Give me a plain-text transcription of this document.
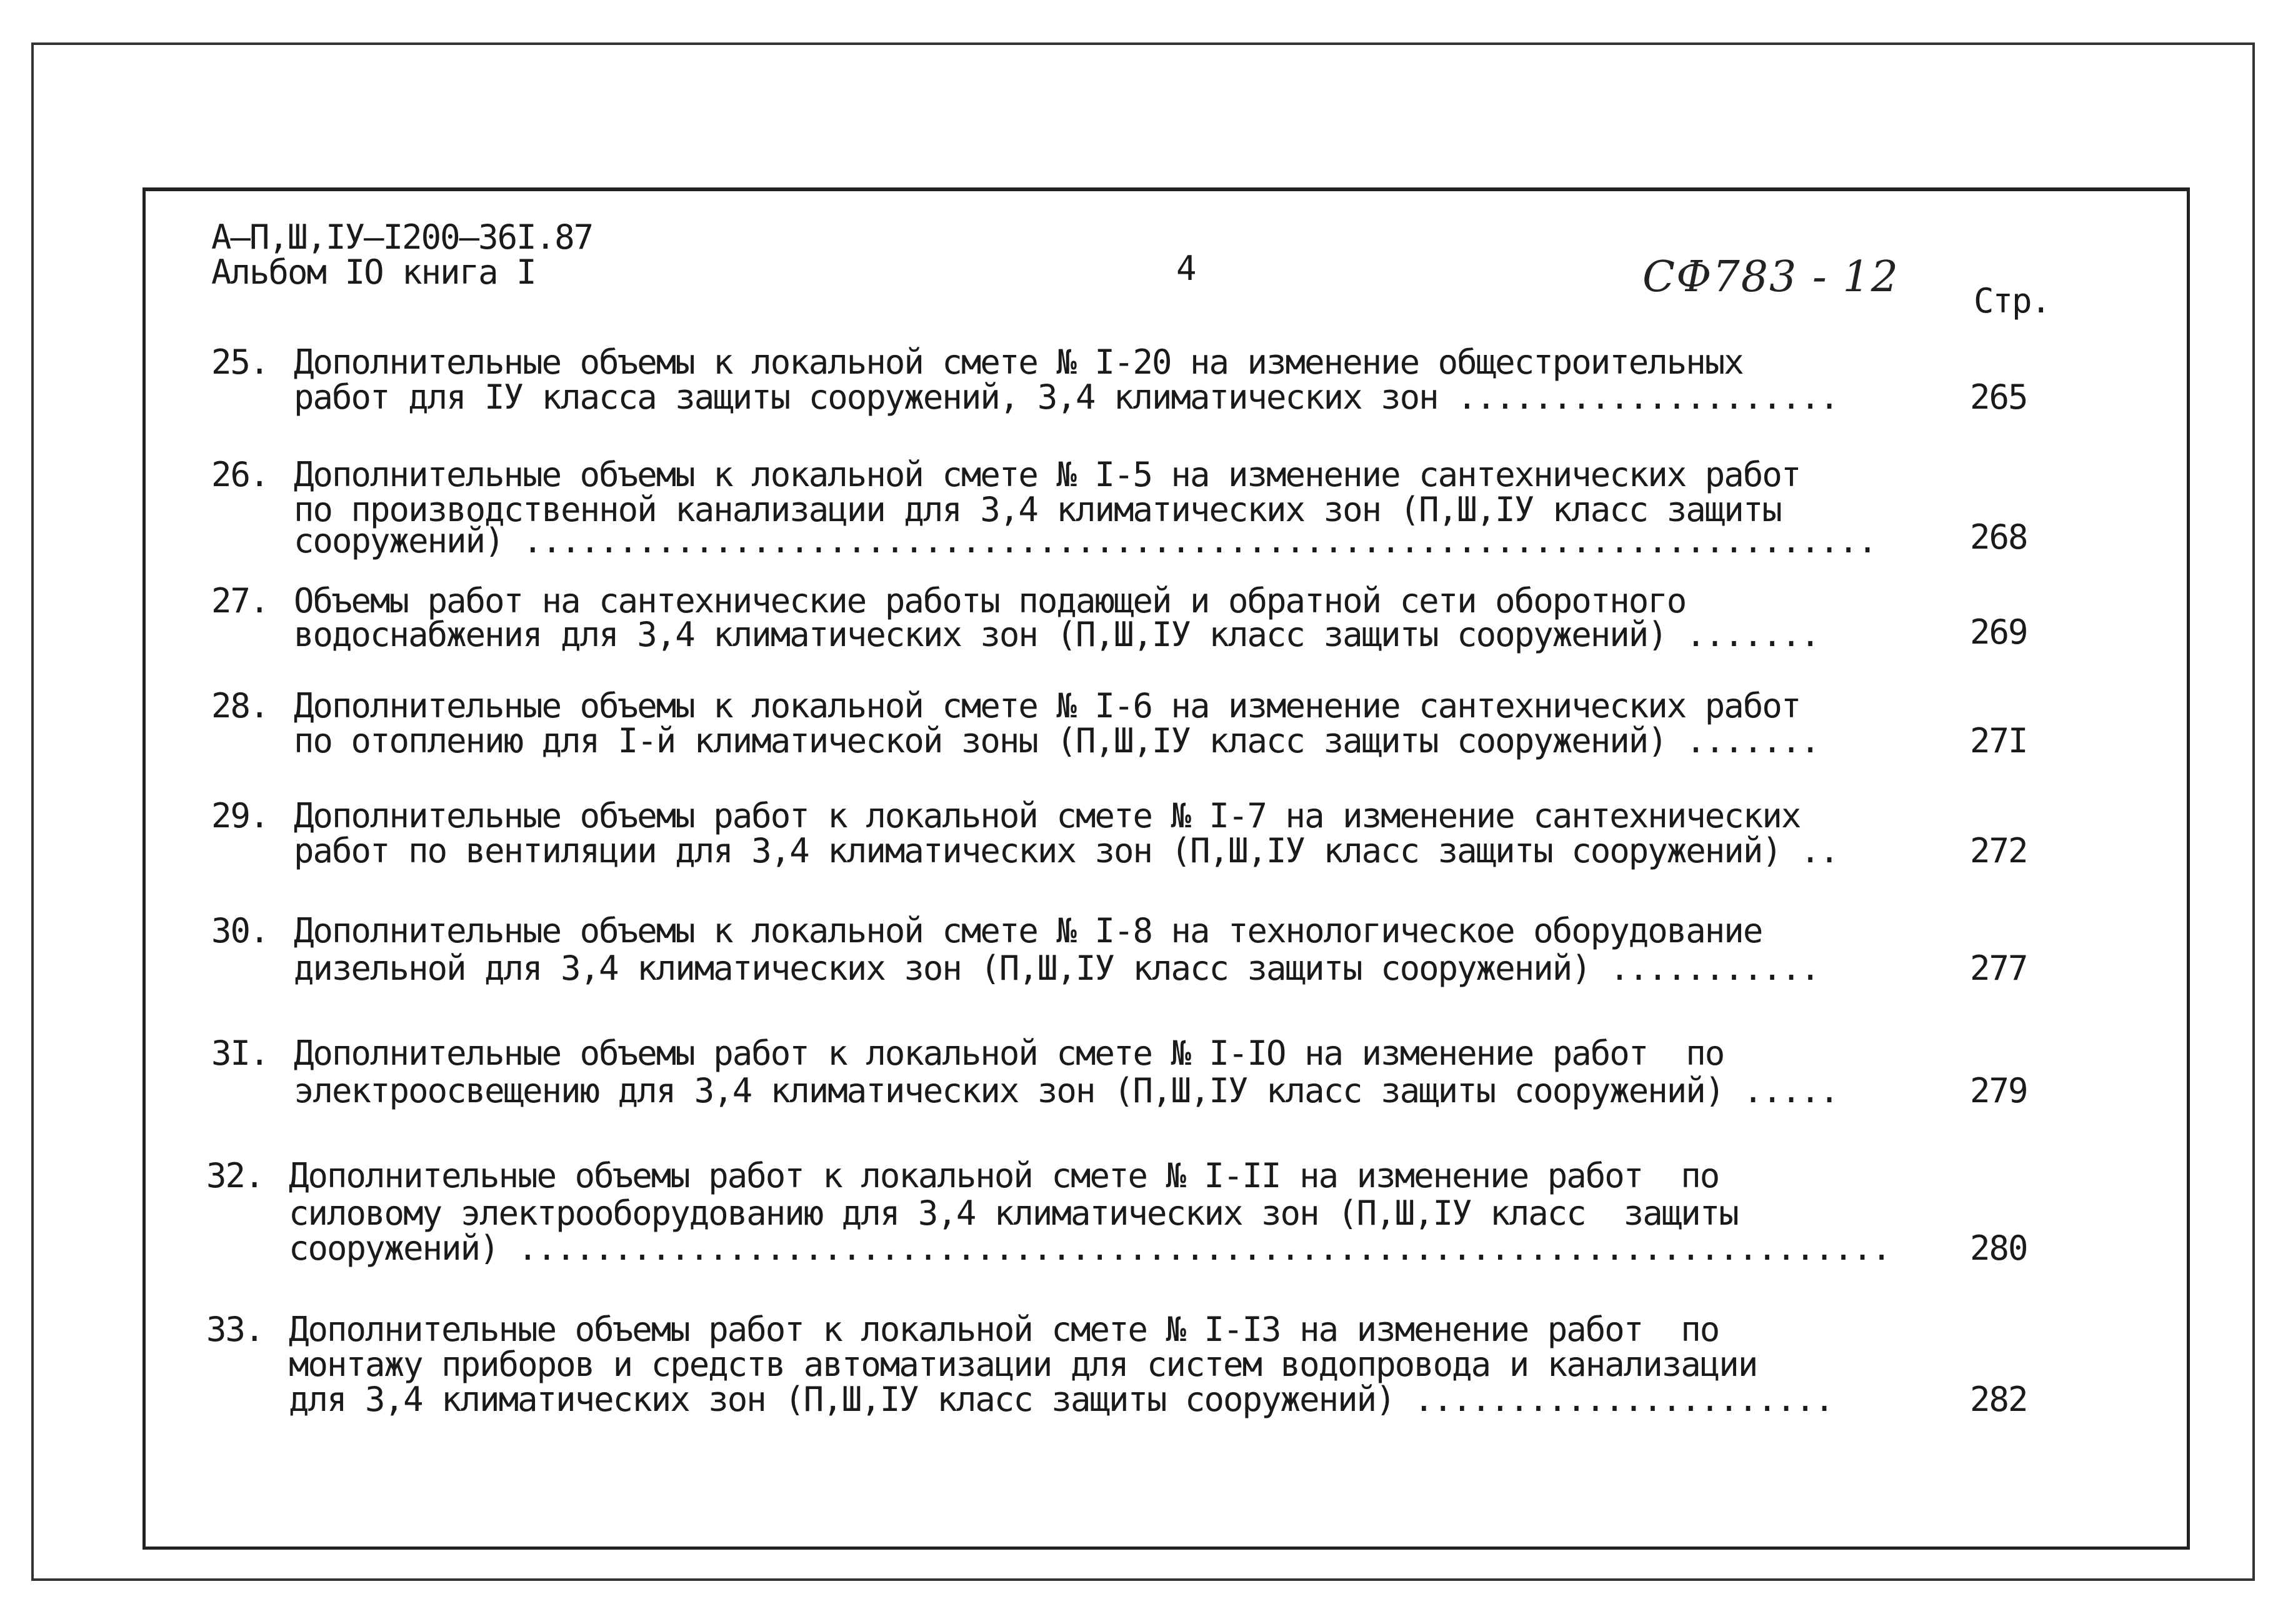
А–П,Ш,IУ–I200–36I.87
Альбом IO книга I	4	СФ783 - 12 Стр.
25. Дополнительные объемы к локальной смете № I-20 на изменение общестроительных
работ для IУ класса защиты сооружений, 3,4 климатических зон ....................	265
26. Дополнительные объемы к локальной смете № I-5 на изменение сантехнических работ
по производственной канализации для 3,4 климатических зон (П,Ш,IУ класс защиты
сооружений) .......................................................................	268
27. Объемы работ на сантехнические работы подающей и обратной сети оборотного
водоснабжения для 3,4 климатических зон (П,Ш,IУ класс защиты сооружений) .......	269
28. Дополнительные объемы к локальной смете № I-6 на изменение сантехнических работ
по отоплению для I-й климатической зоны (П,Ш,IУ класс защиты сооружений) .......	27I
29. Дополнительные объемы работ к локальной смете № I-7 на изменение сантехнических
работ по вентиляции для 3,4 климатических зон (П,Ш,IУ класс защиты сооружений) ..	272
30. Дополнительные объемы к локальной смете № I-8 на технологическое оборудование
дизельной для 3,4 климатических зон (П,Ш,IУ класс защиты сооружений) ...........	277
3I. Дополнительные объемы работ к локальной смете № I-IO на изменение работ  по
электроосвещению для 3,4 климатических зон (П,Ш,IУ класс защиты сооружений) .....	279
32. Дополнительные объемы работ к локальной смете № I-II на изменение работ  по
силовому электрооборудованию для 3,4 климатических зон (П,Ш,IУ класс  защиты
сооружений) ........................................................................ 280
33. Дополнительные объемы работ к локальной смете № I-I3 на изменение работ  по
монтажу приборов и средств автоматизации для систем водопровода и канализации
для 3,4 климатических зон (П,Ш,IУ класс защиты сооружений) ......................	282
